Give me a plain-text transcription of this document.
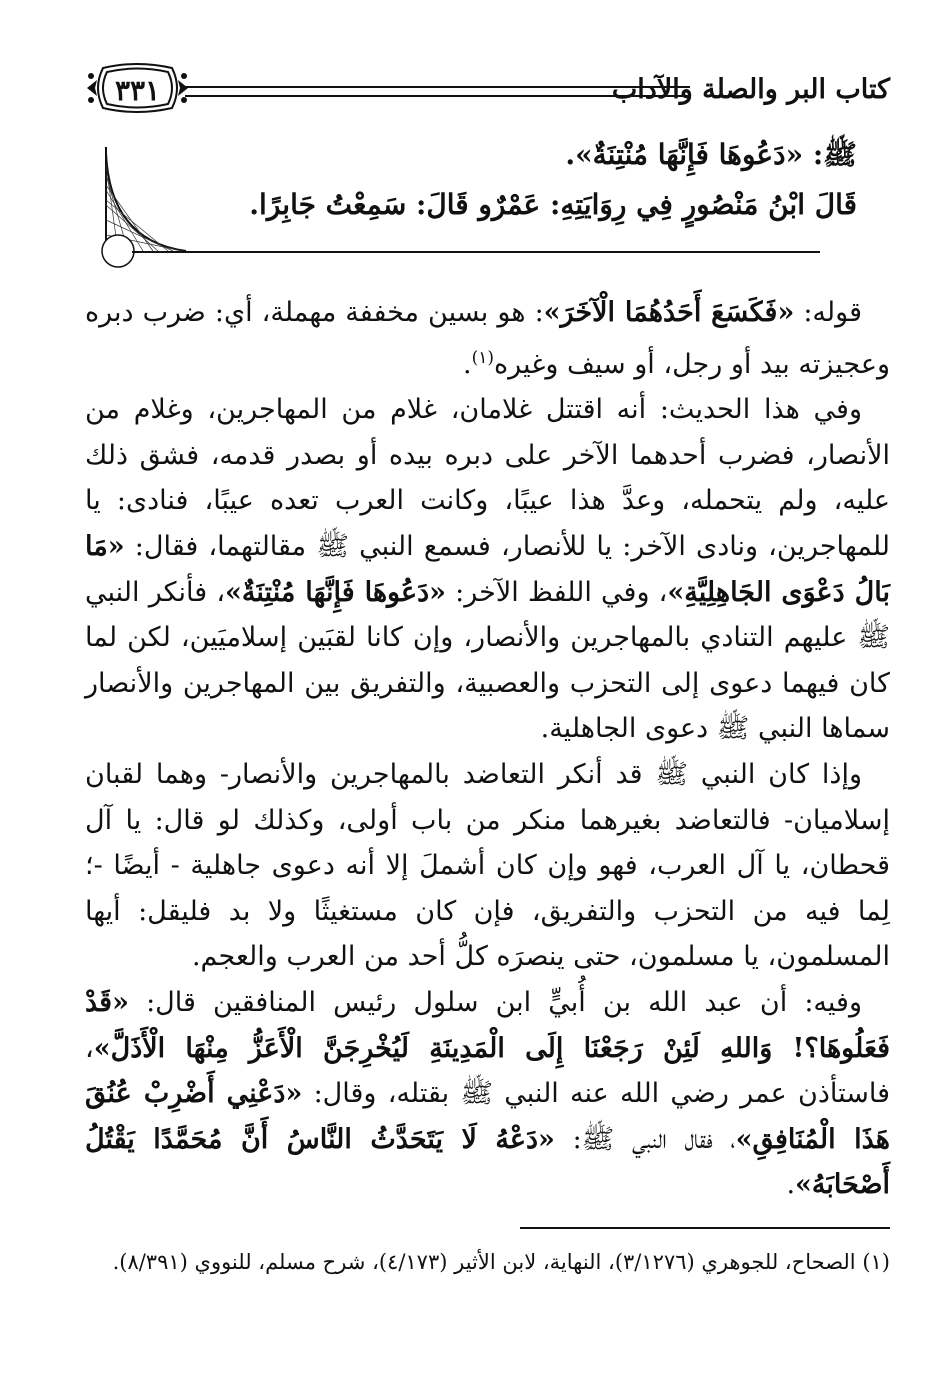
كتاب البر والصلة والآداب
٣٣١

ﷺ: «دَعُوهَا فَإِنَّهَا مُنْتِنَةٌ».

قَالَ ابْنُ مَنْصُورٍ فِي رِوَايَتِهِ: عَمْرٌو قَالَ: سَمِعْتُ جَابِرًا.

قوله: «فَكَسَعَ أَحَدُهُمَا الْآخَرَ»: هو بسين مخففة مهملة، أي: ضرب دبره وعجيزته بيد أو رجل، أو سيف وغيره$^{(١)}$.

وفي هذا الحديث: أنه اقتتل غلامان، غلام من المهاجرين، وغلام من الأنصار، فضرب أحدهما الآخر على دبره بيده أو بصدر قدمه، فشق ذلك عليه، ولم يتحمله، وعدَّ هذا عيبًا، وكانت العرب تعده عيبًا، فنادى: يا للمهاجرين، ونادى الآخر: يا للأنصار، فسمع النبي ﷺ مقالتهما، فقال: «مَا بَالُ دَعْوَى الجَاهِلِيَّةِ»، وفي اللفظ الآخر: «دَعُوهَا فَإِنَّهَا مُنْتِنَةٌ»، فأنكر النبي ﷺ عليهم التنادي بالمهاجرين والأنصار، وإن كانا لقبَين إسلاميَين، لكن لما كان فيهما دعوى إلى التحزب والعصبية، والتفريق بين المهاجرين والأنصار سماها النبي ﷺ دعوى الجاهلية.

وإذا كان النبي ﷺ قد أنكر التعاضد بالمهاجرين والأنصار- وهما لقبان إسلاميان- فالتعاضد بغيرهما منكر من باب أولى، وكذلك لو قال: يا آل قحطان، يا آل العرب، فهو وإن كان أشملَ إلا أنه دعوى جاهلية - أيضًا -؛ لِما فيه من التحزب والتفريق، فإن كان مستغيثًا ولا بد فليقل: أيها المسلمون، يا مسلمون، حتى ينصرَه كلُّ أحد من العرب والعجم.

وفيه: أن عبد الله بن أُبيٍّ ابن سلول رئيس المنافقين قال: «قَدْ فَعَلُوهَا؟! وَاللهِ لَئِنْ رَجَعْنَا إِلَى الْمَدِينَةِ لَيُخْرِجَنَّ الْأَعَزُّ مِنْهَا الْأَذَلَّ»، فاستأذن عمر رضي الله عنه النبي ﷺ بقتله، وقال: «دَعْنِي أَضْرِبْ عُنُقَ هَذَا الْمُنَافِقِ»، فقال النبي ﷺ: «دَعْهُ لَا يَتَحَدَّثُ النَّاسُ أَنَّ مُحَمَّدًا يَقْتُلُ أَصْحَابَهُ».

(١) الصحاح، للجوهري (٣/١٢٧٦)، النهاية، لابن الأثير (٤/١٧٣)، شرح مسلم، للنووي (٨/٣٩١).
